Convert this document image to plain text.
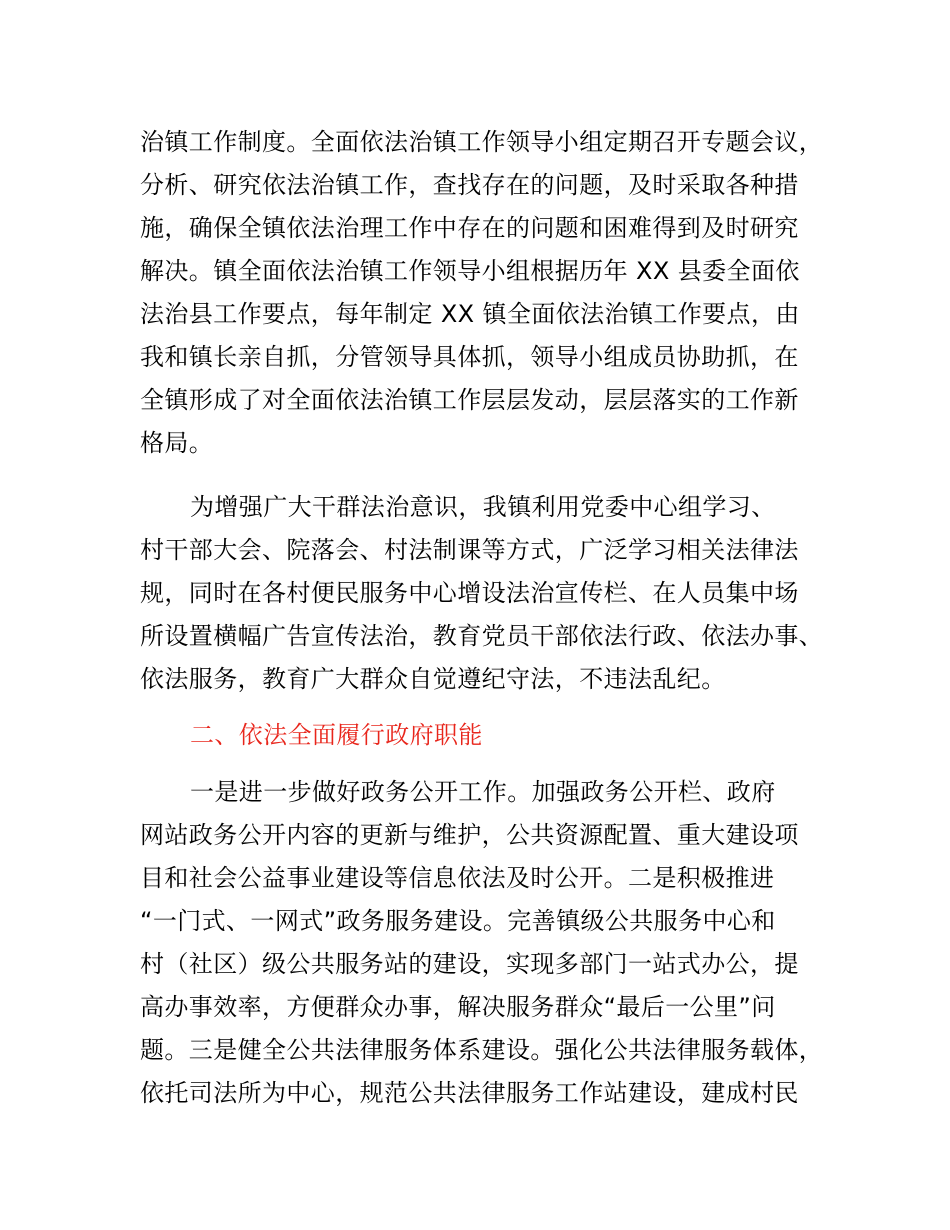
治镇工作制度。全面依法治镇工作领导小组定期召开专题会议，
分析、研究依法治镇工作，查找存在的问题，及时采取各种措
施，确保全镇依法治理工作中存在的问题和困难得到及时研究
解决。镇全面依法治镇工作领导小组根据历年 XX 县委全面依
法治县工作要点，每年制定 XX 镇全面依法治镇工作要点，由
我和镇长亲自抓，分管领导具体抓，领导小组成员协助抓，在
全镇形成了对全面依法治镇工作层层发动，层层落实的工作新
格局。
为增强广大干群法治意识，我镇利用党委中心组学习、
村干部大会、院落会、村法制课等方式，广泛学习相关法律法
规，同时在各村便民服务中心增设法治宣传栏、在人员集中场
所设置横幅广告宣传法治，教育党员干部依法行政、依法办事、
依法服务，教育广大群众自觉遵纪守法，不违法乱纪。
二、依法全面履行政府职能
一是进一步做好政务公开工作。加强政务公开栏、政府
网站政务公开内容的更新与维护，公共资源配置、重大建设项
目和社会公益事业建设等信息依法及时公开。二是积极推进
“一门式、一网式”政务服务建设。完善镇级公共服务中心和
村（社区）级公共服务站的建设，实现多部门一站式办公，提
高办事效率，方便群众办事，解决服务群众“最后一公里”问
题。三是健全公共法律服务体系建设。强化公共法律服务载体，
依托司法所为中心，规范公共法律服务工作站建设，建成村民
